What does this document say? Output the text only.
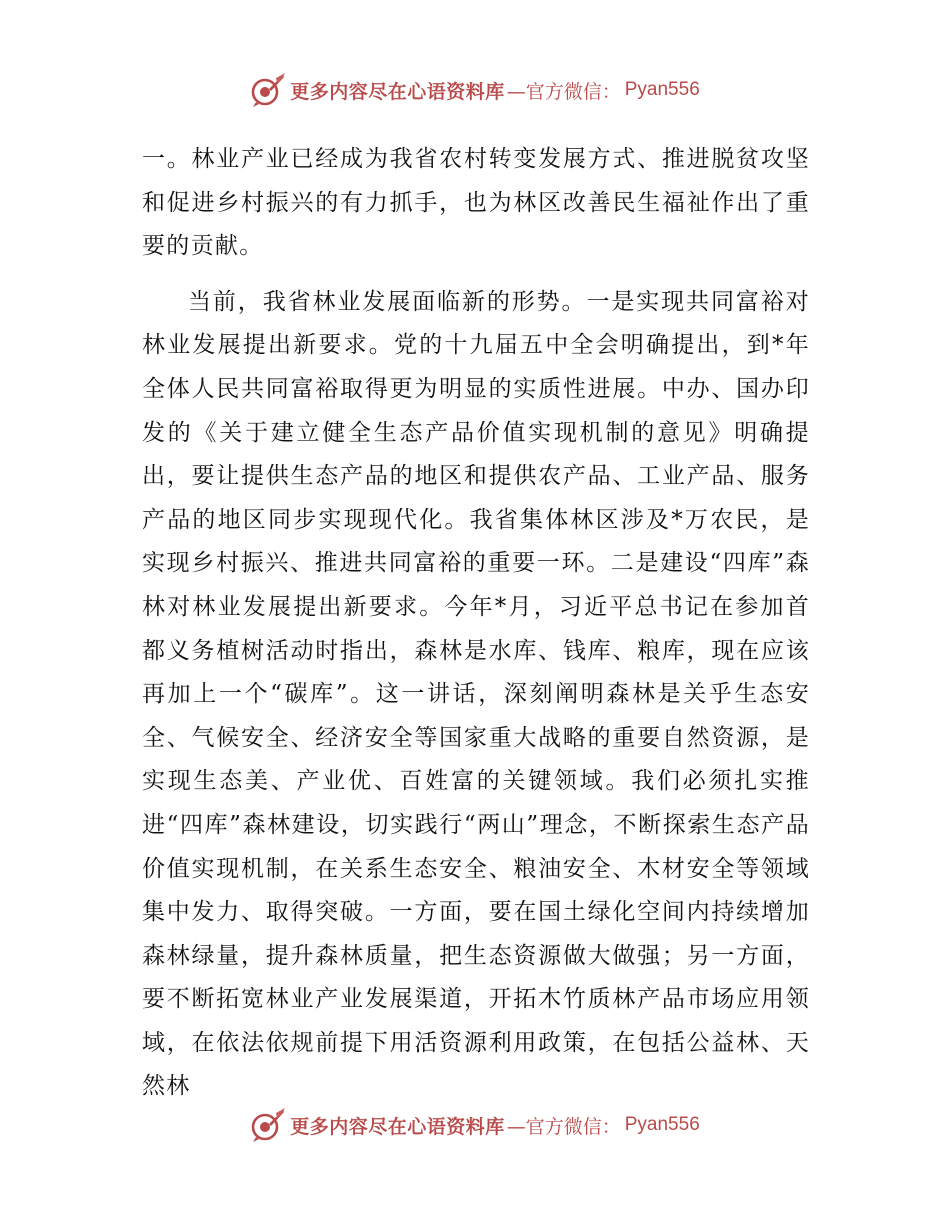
更多内容尽在心语资料库 —官方微信： Pyan556

一。林业产业已经成为我省农村转变发展方式、推进脱贫攻坚和促进乡村振兴的有力抓手，也为林区改善民生福祉作出了重要的贡献。

当前，我省林业发展面临新的形势。一是实现共同富裕对林业发展提出新要求。党的十九届五中全会明确提出，到*年全体人民共同富裕取得更为明显的实质性进展。中办、国办印发的《关于建立健全生态产品价值实现机制的意见》明确提出，要让提供生态产品的地区和提供农产品、工业产品、服务产品的地区同步实现现代化。我省集体林区涉及*万农民，是实现乡村振兴、推进共同富裕的重要一环。二是建设“四库”森林对林业发展提出新要求。今年*月，习近平总书记在参加首都义务植树活动时指出，森林是水库、钱库、粮库，现在应该再加上一个“碳库”。这一讲话，深刻阐明森林是关乎生态安全、气候安全、经济安全等国家重大战略的重要自然资源，是实现生态美、产业优、百姓富的关键领域。我们必须扎实推进“四库”森林建设，切实践行“两山”理念，不断探索生态产品价值实现机制，在关系生态安全、粮油安全、木材安全等领域集中发力、取得突破。一方面，要在国土绿化空间内持续增加森林绿量，提升森林质量，把生态资源做大做强；另一方面，要不断拓宽林业产业发展渠道，开拓木竹质林产品市场应用领域，在依法依规前提下用活资源利用政策，在包括公益林、天然林

更多内容尽在心语资料库 —官方微信： Pyan556
